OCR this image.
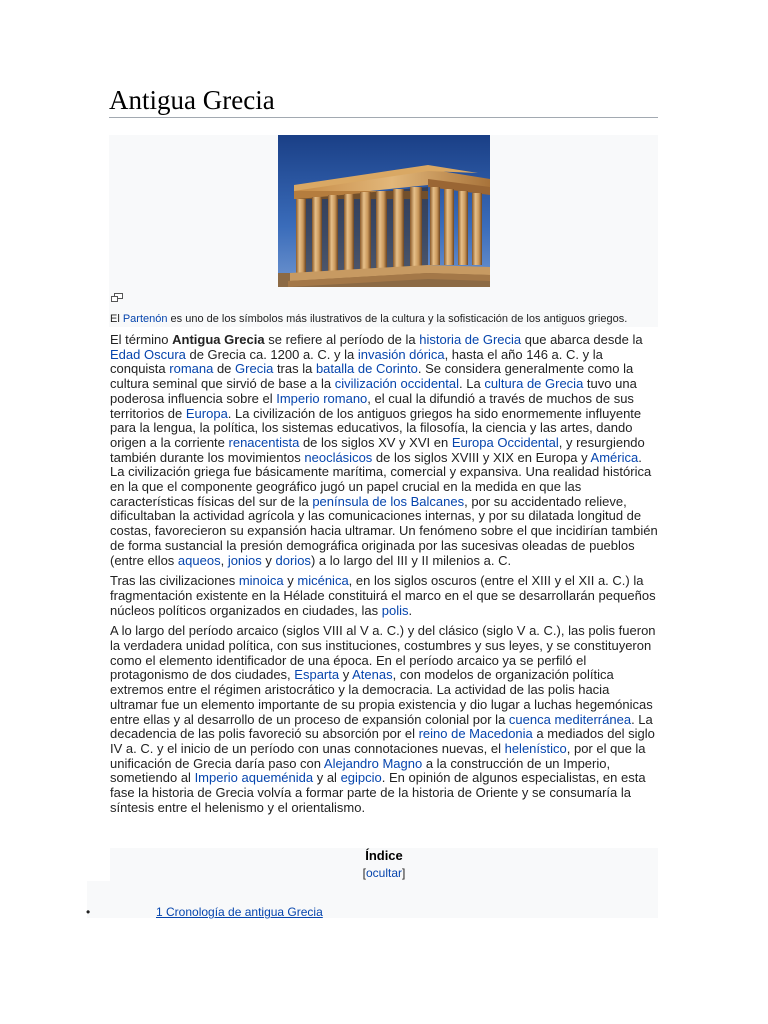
Antigua Grecia
El Partenón es uno de los símbolos más ilustrativos de la cultura y la sofisticación de los antiguos griegos.

El término Antigua Grecia se refiere al período de la historia de Grecia que abarca desde la Edad Oscura de Grecia ca. 1200 a. C. y la invasión dórica, hasta el año 146 a. C. y la conquista romana de Grecia tras la batalla de Corinto. Se considera generalmente como la cultura seminal que sirvió de base a la civilización occidental. La cultura de Grecia tuvo una poderosa influencia sobre el Imperio romano, el cual la difundió a través de muchos de sus territorios de Europa. La civilización de los antiguos griegos ha sido enormemente influyente para la lengua, la política, los sistemas educativos, la filosofía, la ciencia y las artes, dando origen a la corriente renacentista de los siglos XV y XVI en Europa Occidental, y resurgiendo también durante los movimientos neoclásicos de los siglos XVIII y XIX en Europa y América. La civilización griega fue básicamente marítima, comercial y expansiva. Una realidad histórica en la que el componente geográfico jugó un papel crucial en la medida en que las características físicas del sur de la península de los Balcanes, por su accidentado relieve, dificultaban la actividad agrícola y las comunicaciones internas, y por su dilatada longitud de costas, favorecieron su expansión hacia ultramar. Un fenómeno sobre el que incidirían también de forma sustancial la presión demográfica originada por las sucesivas oleadas de pueblos (entre ellos aqueos, jonios y dorios) a lo largo del III y II milenios a. C.

Tras las civilizaciones minoica y micénica, en los siglos oscuros (entre el XIII y el XII a. C.) la fragmentación existente en la Hélade constituirá el marco en el que se desarrollarán pequeños núcleos políticos organizados en ciudades, las polis.

A lo largo del período arcaico (siglos VIII al V a. C.) y del clásico (siglo V a. C.), las polis fueron la verdadera unidad política, con sus instituciones, costumbres y sus leyes, y se constituyeron como el elemento identificador de una época. En el período arcaico ya se perfiló el protagonismo de dos ciudades, Esparta y Atenas, con modelos de organización política extremos entre el régimen aristocrático y la democracia. La actividad de las polis hacia ultramar fue un elemento importante de su propia existencia y dio lugar a luchas hegemónicas entre ellas y al desarrollo de un proceso de expansión colonial por la cuenca mediterránea. La decadencia de las polis favoreció su absorción por el reino de Macedonia a mediados del siglo IV a. C. y el inicio de un período con unas connotaciones nuevas, el helenístico, por el que la unificación de Grecia daría paso con Alejandro Magno a la construcción de un Imperio, sometiendo al Imperio aqueménida y al egipcio. En opinión de algunos especialistas, en esta fase la historia de Grecia volvía a formar parte de la historia de Oriente y se consumaría la síntesis entre el helenismo y el orientalismo.

Índice
[ocultar]
•	1 Cronología de antigua Grecia
